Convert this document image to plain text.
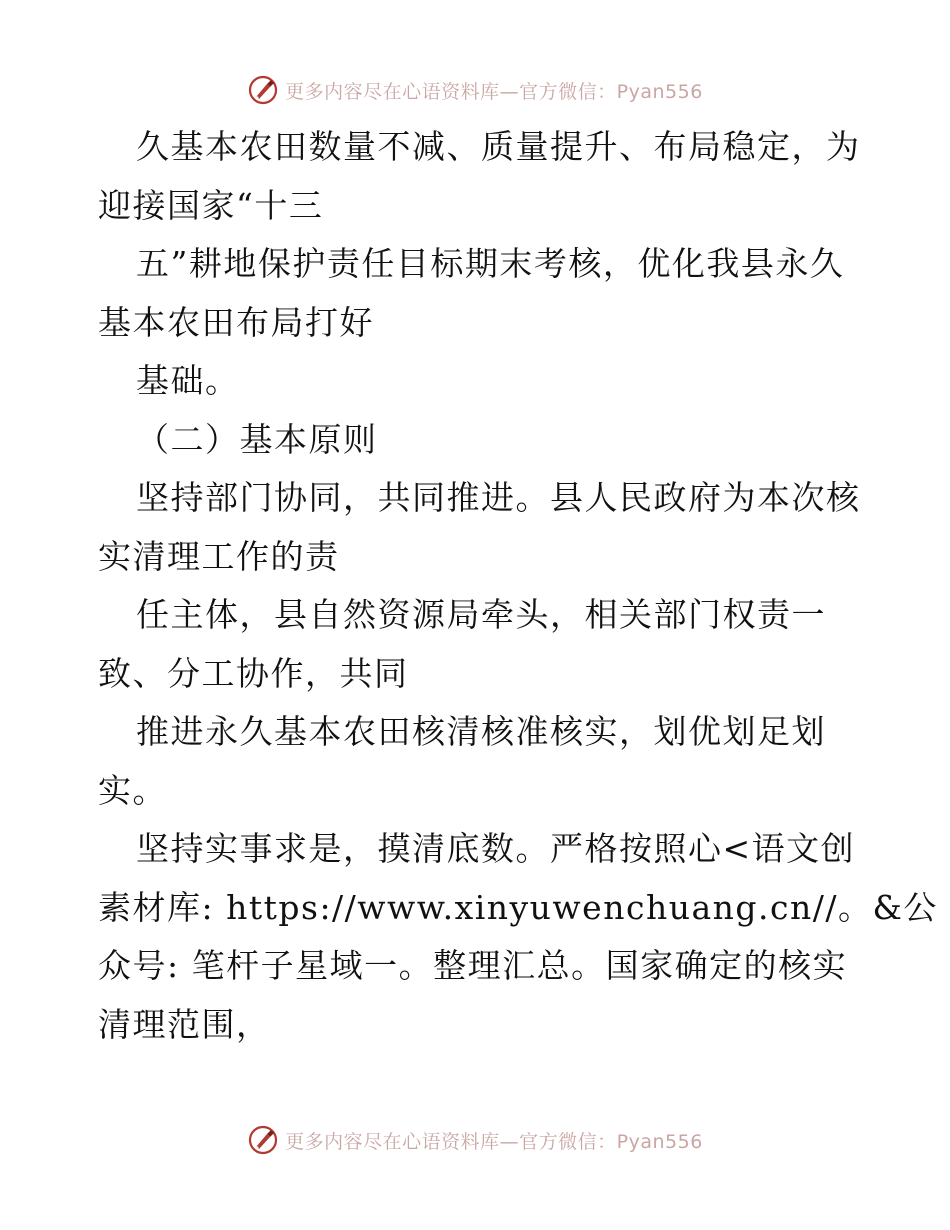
更多内容尽在心语资料库—官方微信：Pyan556
久基本农田数量不减、质量提升、布局稳定，为
迎接国家“十三
五”耕地保护责任目标期末考核，优化我县永久
基本农田布局打好
基础。
（二）基本原则
坚持部门协同，共同推进。县人民政府为本次核
实清理工作的责
任主体，县自然资源局牵头，相关部门权责一
致、分工协作，共同
推进永久基本农田核清核准核实，划优划足划
实。
坚持实事求是，摸清底数。严格按照心<语文创
素材库: https://www.xinyuwenchuang.cn//。&公
众号: 笔杆子星域一。整理汇总。国家确定的核实
清理范围，
更多内容尽在心语资料库—官方微信：Pyan556
